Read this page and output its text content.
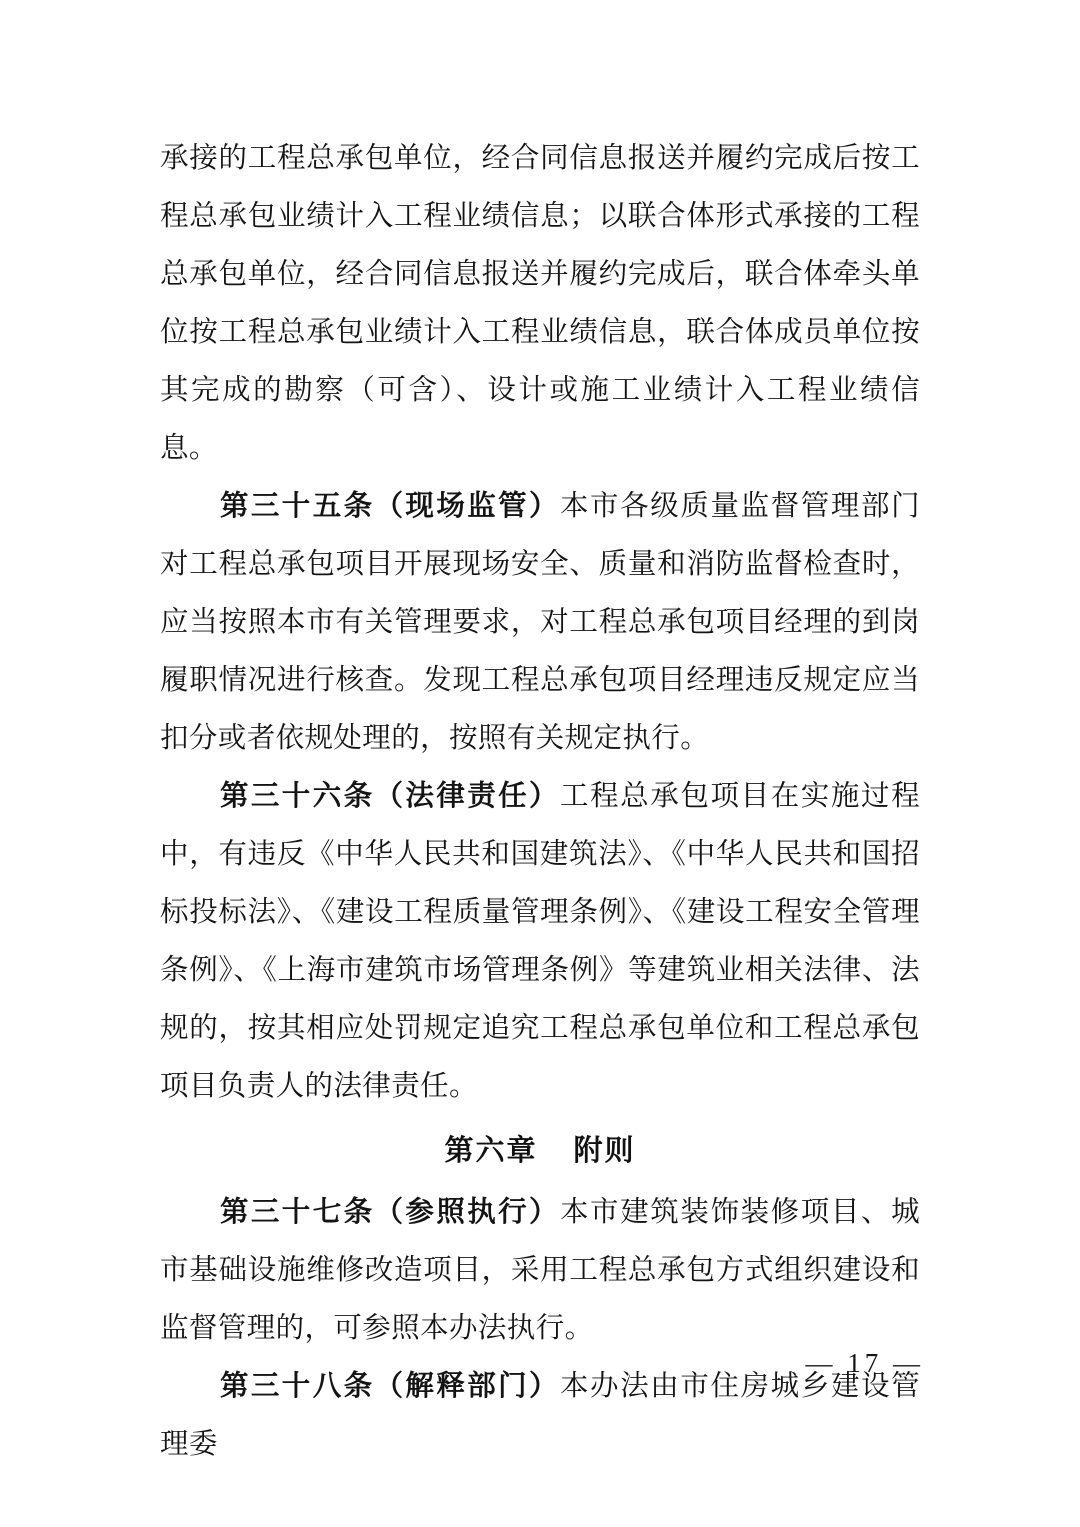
承接的工程总承包单位，经合同信息报送并履约完成后按工程总承包业绩计入工程业绩信息；以联合体形式承接的工程总承包单位，经合同信息报送并履约完成后，联合体牵头单位按工程总承包业绩计入工程业绩信息，联合体成员单位按其完成的勘察（可含）、设计或施工业绩计入工程业绩信息。

第三十五条（现场监管）本市各级质量监督管理部门对工程总承包项目开展现场安全、质量和消防监督检查时，应当按照本市有关管理要求，对工程总承包项目经理的到岗履职情况进行核查。发现工程总承包项目经理违反规定应当扣分或者依规处理的，按照有关规定执行。

第三十六条（法律责任）工程总承包项目在实施过程中，有违反《中华人民共和国建筑法》、《中华人民共和国招标投标法》、《建设工程质量管理条例》、《建设工程安全管理条例》、《上海市建筑市场管理条例》等建筑业相关法律、法规的，按其相应处罚规定追究工程总承包单位和工程总承包项目负责人的法律责任。

第六章 附则

第三十七条（参照执行）本市建筑装饰装修项目、城市基础设施维修改造项目，采用工程总承包方式组织建设和监督管理的，可参照本办法执行。

第三十八条（解释部门）本办法由市住房城乡建设管理委

— 17 —
